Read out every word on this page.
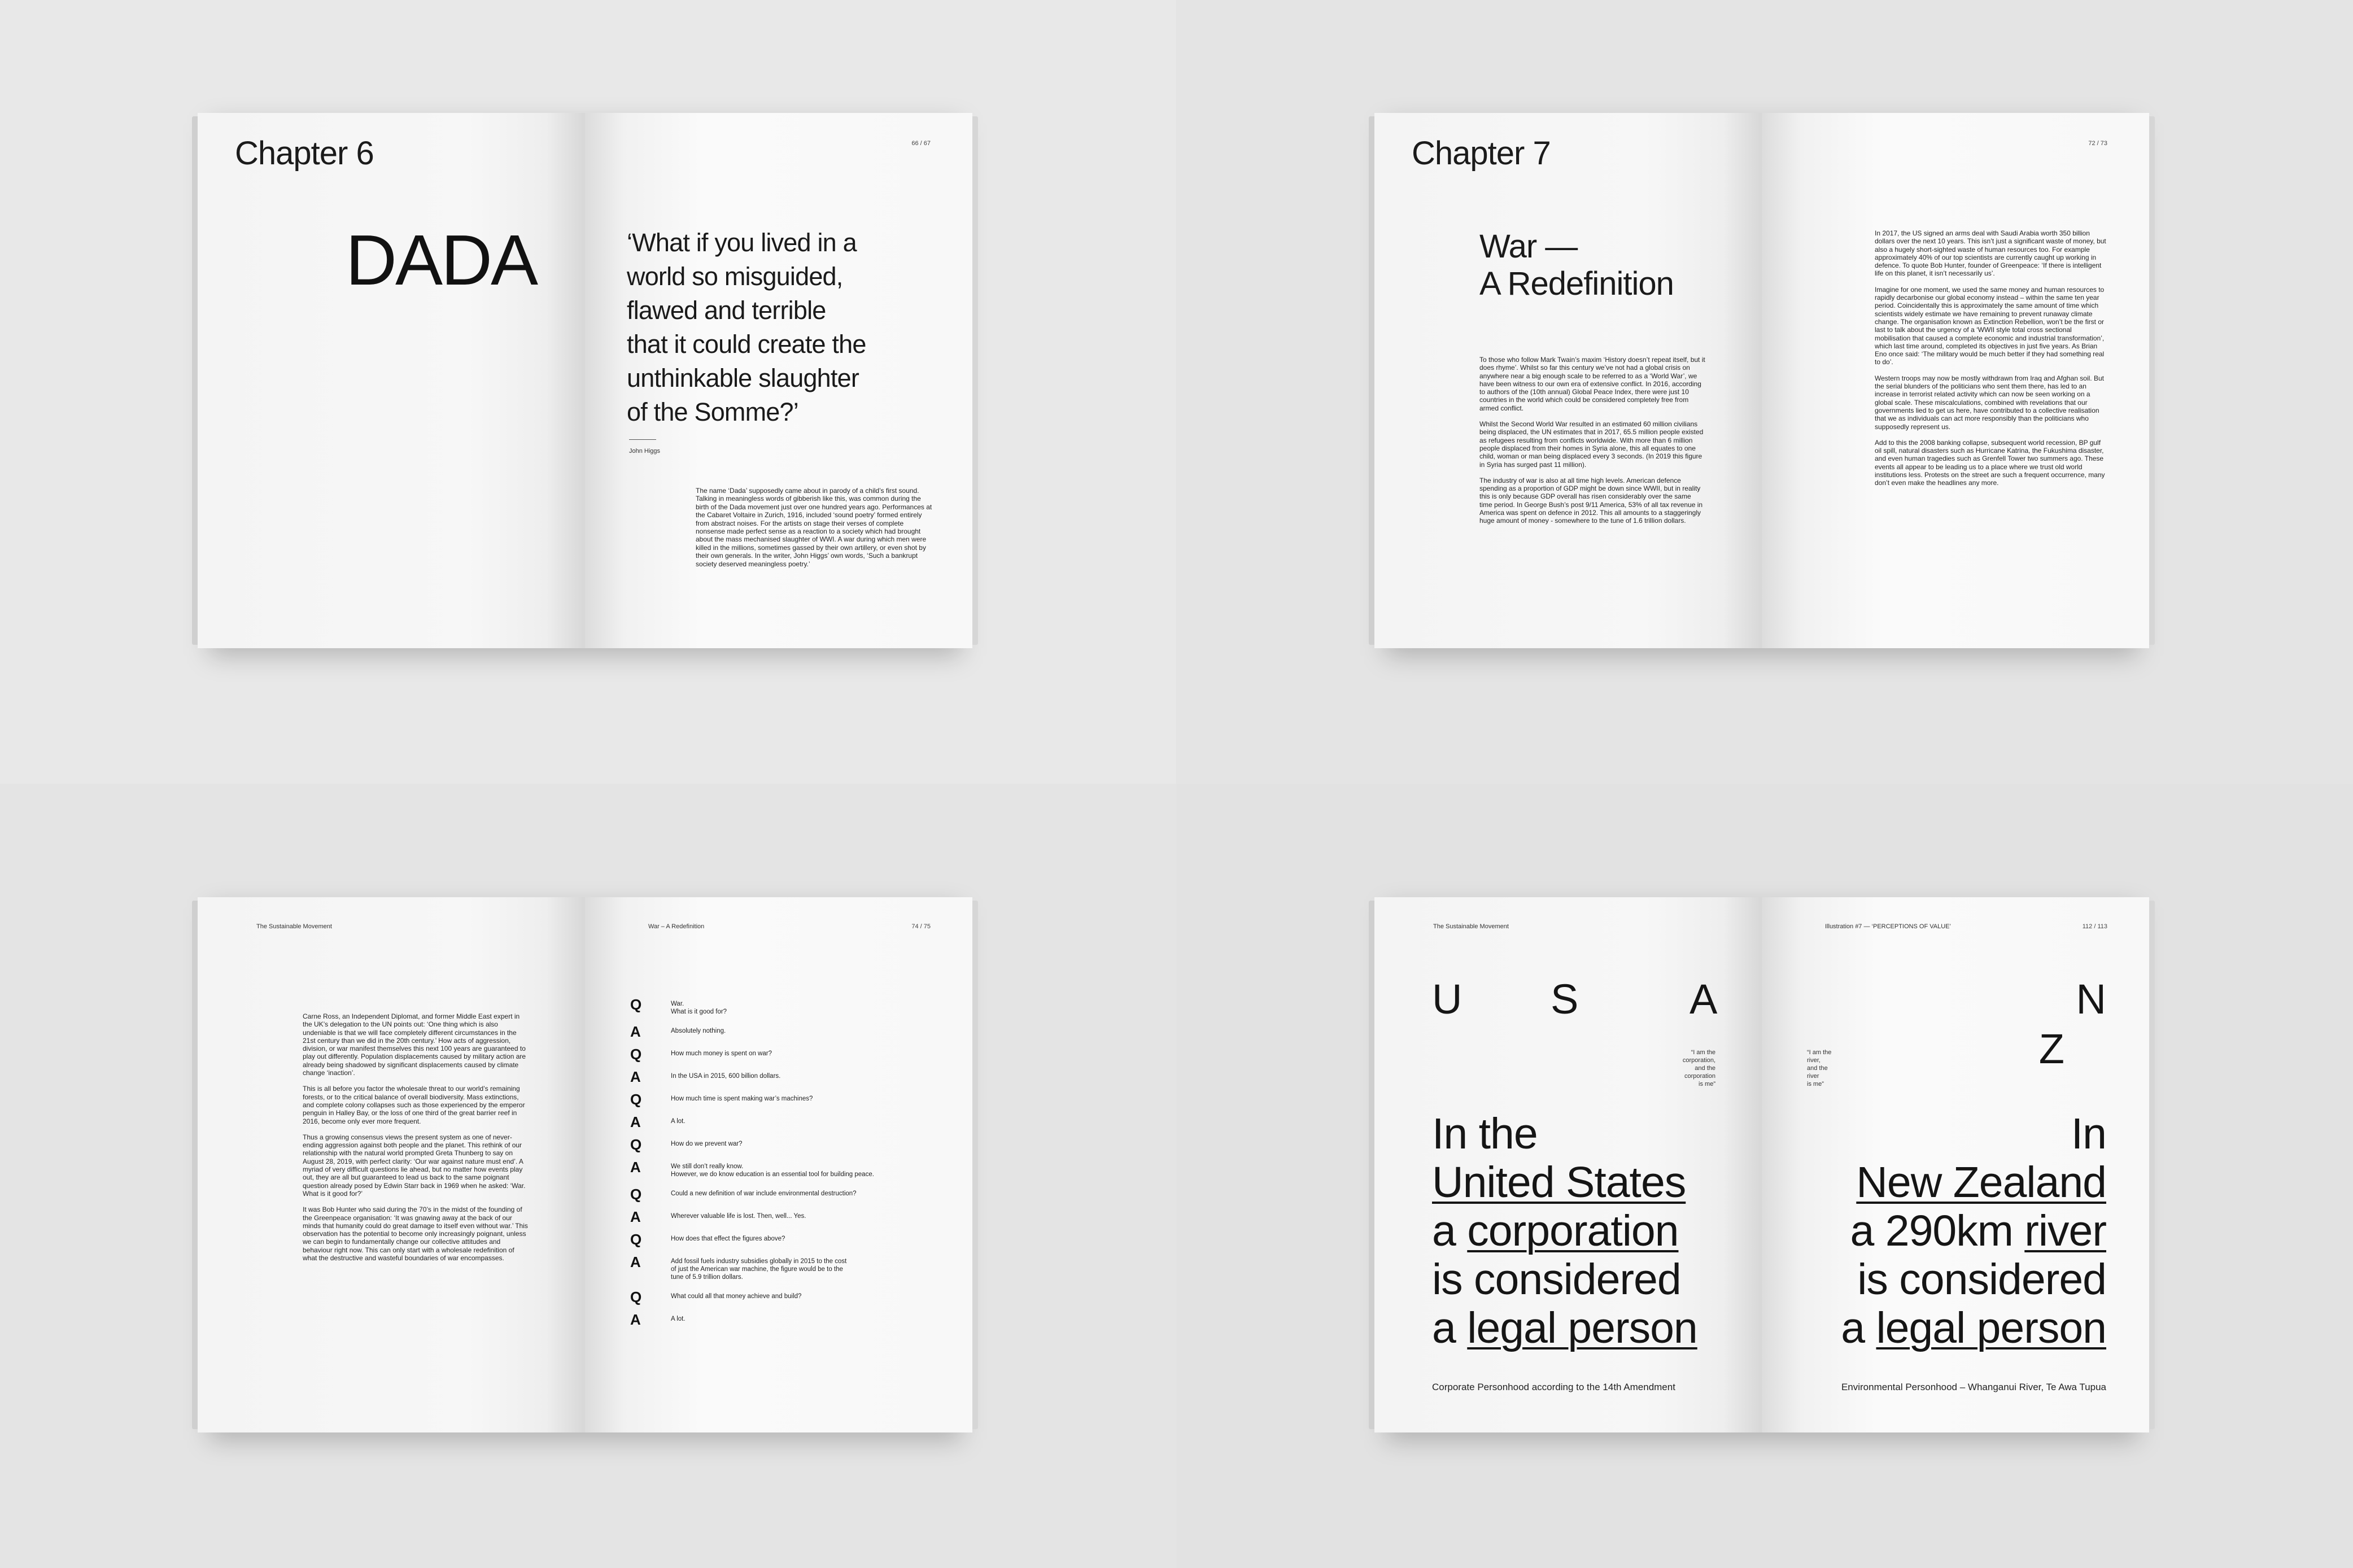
Chapter 6
DADA
66 / 67
‘What if you lived in a
world so misguided,
flawed and terrible
that it could create the
unthinkable slaughter
of the Somme?’
John Higgs
The name ‘Dada’ supposedly came about in parody of a child’s first sound. Talking in meaningless words of gibberish like this, was common during the birth of the Dada movement just over one hundred years ago. Performances at the Cabaret Voltaire in Zurich, 1916, included ‘sound poetry’ formed entirely from abstract noises. For the artists on stage their verses of complete nonsense made perfect sense as a reaction to a society which had brought about the mass mechanised slaughter of WWI. A war during which men were killed in the millions, sometimes gassed by their own artillery, or even shot by their own generals. In the writer, John Higgs’ own words, ‘Such a bankrupt society deserved meaningless poetry.’
Chapter 7
War —
A Redefinition

To those who follow Mark Twain’s maxim ‘History doesn’t repeat itself, but it does rhyme’. Whilst so far this century we’ve not had a global crisis on anywhere near a big enough scale to be referred to as a ‘World War’, we have been witness to our own era of extensive conflict. In 2016, according to authors of the (10th annual) Global Peace Index, there were just 10 countries in the world which could be considered completely free from armed conflict.

Whilst the Second World War resulted in an estimated 60 million civilians being displaced, the UN estimates that in 2017, 65.5 million people existed as refugees resulting from conflicts worldwide. With more than 6 million people displaced from their homes in Syria alone, this all equates to one child, woman or man being displaced every 3 seconds. (In 2019 this figure in Syria has surged past 11 million).

The industry of war is also at all time high levels. American defence spending as a proportion of GDP might be down since WWII, but in reality this is only because GDP overall has risen considerably over the same time period. In George Bush’s post 9/11 America, 53% of all tax revenue in America was spent on defence in 2012. This all amounts to a staggeringly huge amount of money - somewhere to the tune of 1.6 trillion dollars.

72 / 73

In 2017, the US signed an arms deal with Saudi Arabia worth 350 billion dollars over the next 10 years. This isn’t just a significant waste of money, but also a hugely short-sighted waste of human resources too. For example approximately 40% of our top scientists are currently caught up working in defence. To quote Bob Hunter, founder of Greenpeace: ‘If there is intelligent life on this planet, it isn’t necessarily us’.

Imagine for one moment, we used the same money and human resources to rapidly decarbonise our global economy instead – within the same ten year period. Coincidentally this is approximately the same amount of time which scientists widely estimate we have remaining to prevent runaway climate change. The organisation known as Extinction Rebellion, won’t be the first or last to talk about the urgency of a ‘WWII style total cross sectional mobilisation that caused a complete economic and industrial transformation’, which last time around, completed its objectives in just five years. As Brian Eno once said: ‘The military would be much better if they had something real to do’.

Western troops may now be mostly withdrawn from Iraq and Afghan soil. But the serial blunders of the politicians who sent them there, has led to an increase in terrorist related activity which can now be seen working on a global scale. These miscalculations, combined with revelations that our governments lied to get us here, have contributed to a collective realisation that we as individuals can act more responsibly than the politicians who supposedly represent us.

Add to this the 2008 banking collapse, subsequent world recession, BP gulf oil spill, natural disasters such as Hurricane Katrina, the Fukushima disaster, and even human tragedies such as Grenfell Tower two summers ago. These events all appear to be leading us to a place where we trust old world institutions less. Protests on the street are such a frequent occurrence, many don’t even make the headlines any more.

The Sustainable Movement

Carne Ross, an Independent Diplomat, and former Middle East expert in the UK’s delegation to the UN points out: ‘One thing which is also undeniable is that we will face completely different circumstances in the 21st century than we did in the 20th century.’ How acts of aggression, division, or war manifest themselves this next 100 years are guaranteed to play out differently. Population displacements caused by military action are already being shadowed by significant displacements caused by climate change ‘inaction’.

This is all before you factor the wholesale threat to our world’s remaining forests, or to the critical balance of overall biodiversity. Mass extinctions, and complete colony collapses such as those experienced by the emperor penguin in Halley Bay, or the loss of one third of the great barrier reef in 2016, become only ever more frequent.

Thus a growing consensus views the present system as one of never-ending aggression against both people and the planet. This rethink of our relationship with the natural world prompted Greta Thunberg to say on August 28, 2019, with perfect clarity: ‘Our war against nature must end’. A myriad of very difficult questions lie ahead, but no matter how events play out, they are all but guaranteed to lead us back to the same poignant question already posed by Edwin Starr back in 1969 when he asked: ‘War. What is it good for?’

It was Bob Hunter who said during the 70’s in the midst of the founding of the Greenpeace organisation: ‘It was gnawing away at the back of our minds that humanity could do great damage to itself even without war.’ This observation has the potential to become only increasingly poignant, unless we can begin to fundamentally change our collective attitudes and behaviour right now. This can only start with a wholesale redefinition of what the destructive and wasteful boundaries of war encompasses.

War – A Redefinition	74 / 75
Q	War.
What is it good for?
A	Absolutely nothing.
Q	How much money is spent on war?
A	In the USA in 2015, 600 billion dollars.
Q	How much time is spent making war’s machines?
A	A lot.
Q	How do we prevent war?
A	We still don’t really know.
However, we do know education is an essential tool for building peace.
Q	Could a new definition of war include environmental destruction?
A	Wherever valuable life is lost. Then, well... Yes.
Q	How does that effect the figures above?
A	Add fossil fuels industry subsidies globally in 2015 to the cost
of just the American war machine, the figure would be to the
tune of 5.9 trillion dollars.
Q	What could all that money achieve and build?
A	A lot.
The Sustainable Movement
U S	A
“I am the
corporation,
and the
corporation
is me”
In the
United States
a corporation
is considered
a legal person
Corporate Personhood according to the 14th Amendment
Illustration #7 — ‘PERCEPTIONS OF VALUE’	112 / 113
N
Z
“I am the
river,
and the
river
is me”
In
New Zealand
a 290km river
is considered
a legal person
Environmental Personhood – Whanganui River, Te Awa Tupua
